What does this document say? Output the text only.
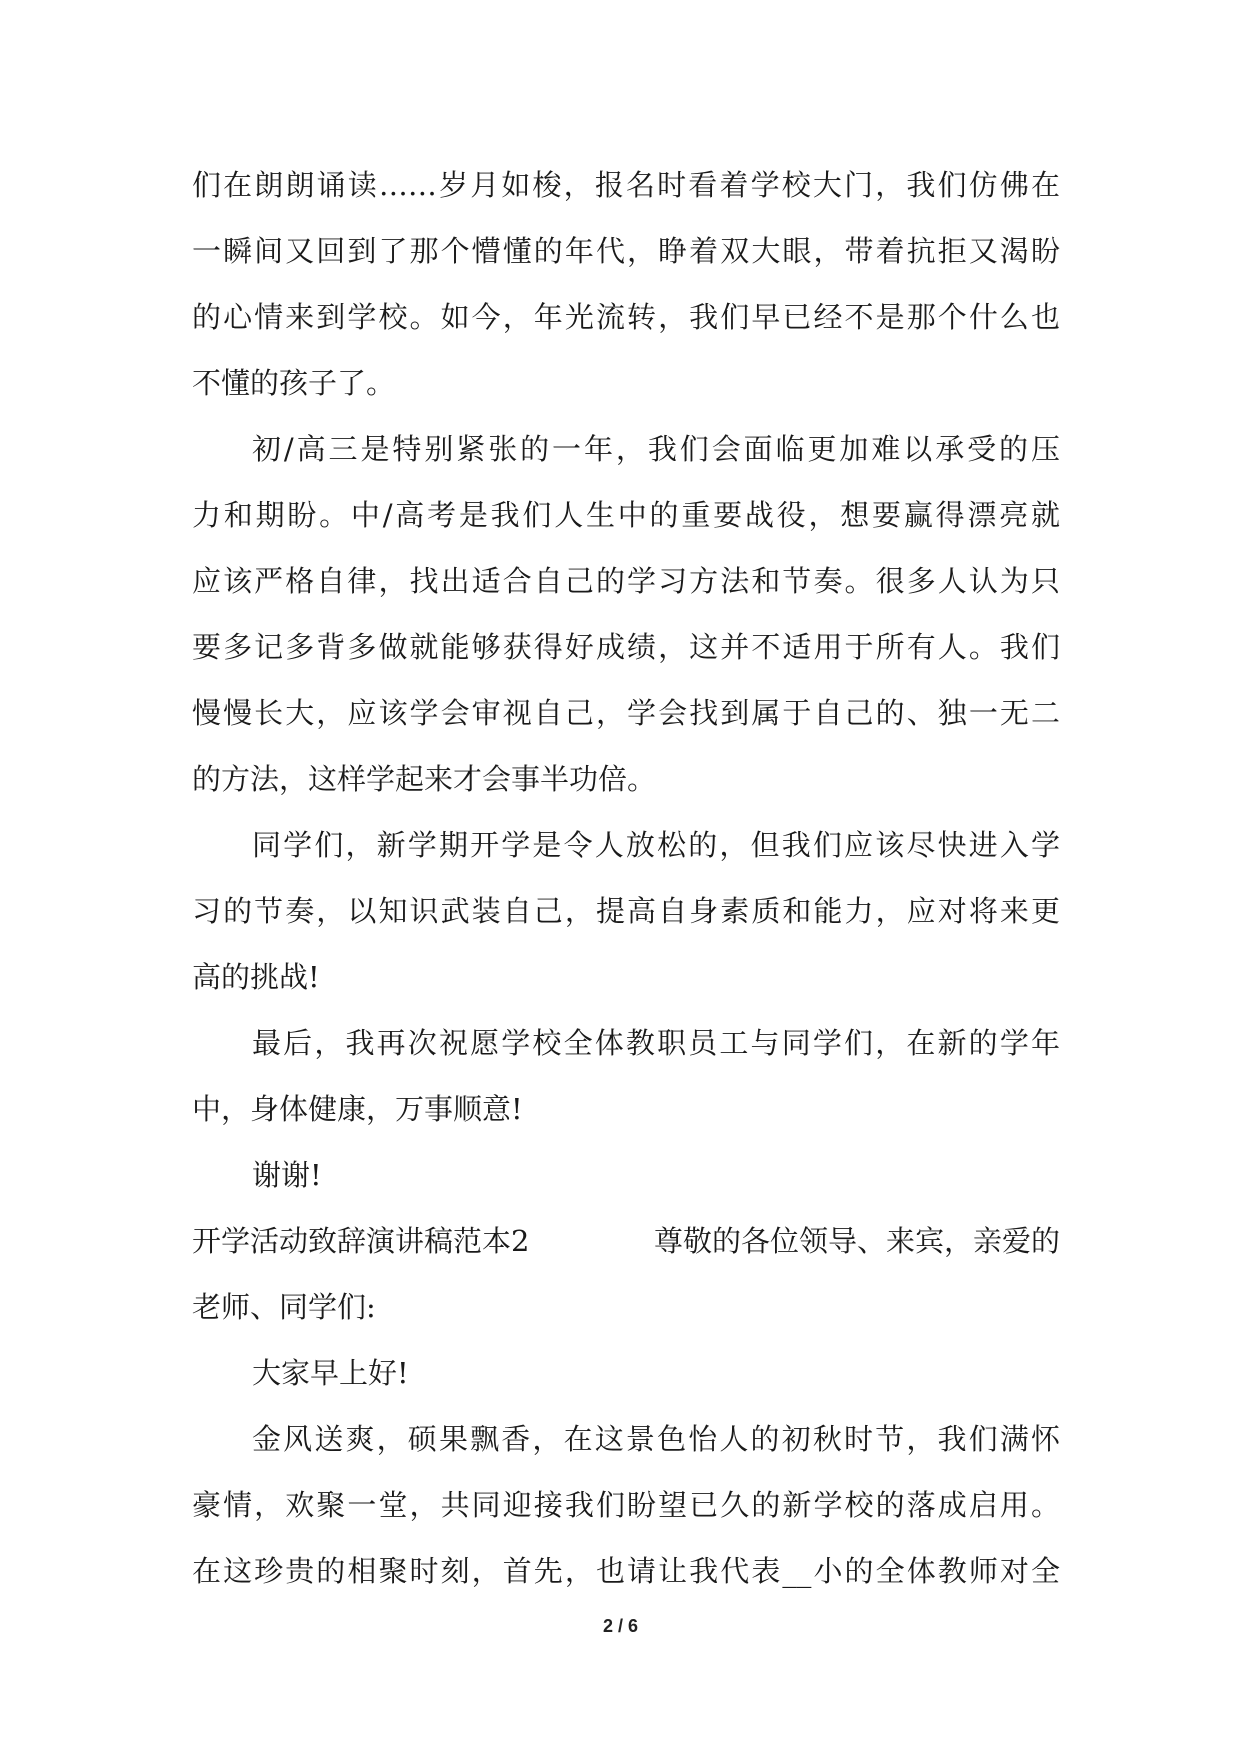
们在朗朗诵读……岁月如梭，报名时看着学校大门，我们仿佛在
一瞬间又回到了那个懵懂的年代，睁着双大眼，带着抗拒又渴盼
的心情来到学校。如今，年光流转，我们早已经不是那个什么也
不懂的孩子了。
初/高三是特别紧张的一年，我们会面临更加难以承受的压
力和期盼。中/高考是我们人生中的重要战役，想要赢得漂亮就
应该严格自律，找出适合自己的学习方法和节奏。很多人认为只
要多记多背多做就能够获得好成绩，这并不适用于所有人。我们
慢慢长大，应该学会审视自己，学会找到属于自己的、独一无二
的方法，这样学起来才会事半功倍。
同学们，新学期开学是令人放松的，但我们应该尽快进入学
习的节奏，以知识武装自己，提高自身素质和能力，应对将来更
高的挑战!
最后，我再次祝愿学校全体教职员工与同学们，在新的学年
中，身体健康，万事顺意!
谢谢!
开学活动致辞演讲稿范本2	尊敬的各位领导、来宾，亲爱的
老师、同学们:
大家早上好!
金风送爽，硕果飘香，在这景色怡人的初秋时节，我们满怀
豪情，欢聚一堂，共同迎接我们盼望已久的新学校的落成启用。
在这珍贵的相聚时刻，首先，也请让我代表__小的全体教师对全
2 / 6
